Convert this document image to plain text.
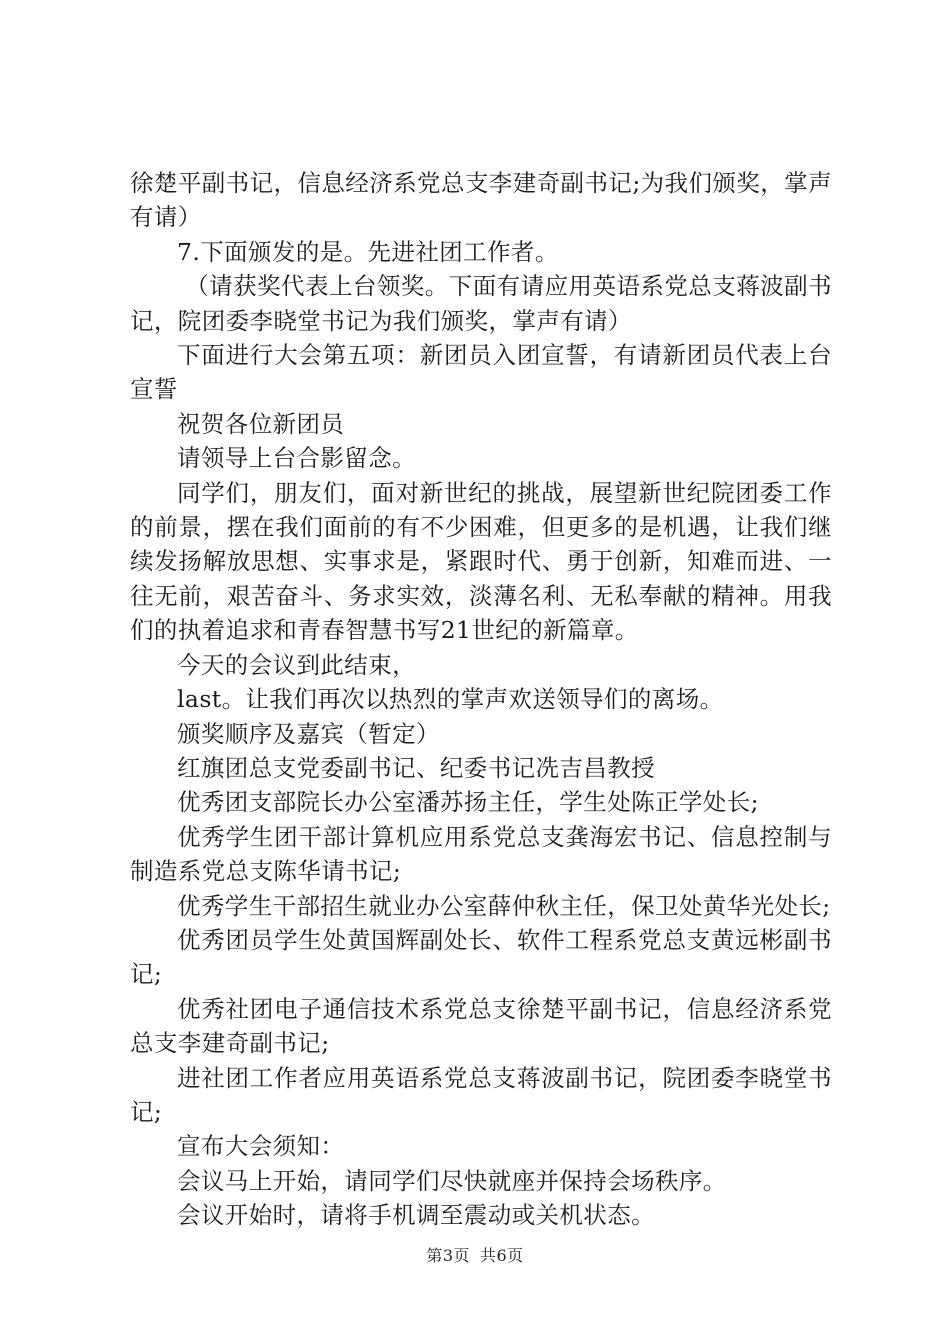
徐楚平副书记，信息经济系党总支李建奇副书记;为我们颁奖，掌声有请）

7.下面颁发的是。先进社团工作者。

（请获奖代表上台领奖。下面有请应用英语系党总支蒋波副书记，院团委李晓堂书记为我们颁奖，掌声有请）

下面进行大会第五项：新团员入团宣誓，有请新团员代表上台宣誓

祝贺各位新团员

请领导上台合影留念。

同学们，朋友们，面对新世纪的挑战，展望新世纪院团委工作的前景，摆在我们面前的有不少困难，但更多的是机遇，让我们继续发扬解放思想、实事求是，紧跟时代、勇于创新，知难而进、一往无前，艰苦奋斗、务求实效，淡薄名利、无私奉献的精神。用我们的执着追求和青春智慧书写21世纪的新篇章。

今天的会议到此结束，

last。让我们再次以热烈的掌声欢送领导们的离场。

颁奖顺序及嘉宾（暂定）

红旗团总支党委副书记、纪委书记冼吉昌教授

优秀团支部院长办公室潘苏扬主任，学生处陈正学处长;

优秀学生团干部计算机应用系党总支龚海宏书记、信息控制与制造系党总支陈华请书记;

优秀学生干部招生就业办公室薛仲秋主任，保卫处黄华光处长;

优秀团员学生处黄国辉副处长、软件工程系党总支黄远彬副书记;

优秀社团电子通信技术系党总支徐楚平副书记，信息经济系党总支李建奇副书记;

进社团工作者应用英语系党总支蒋波副书记，院团委李晓堂书记;

宣布大会须知：

会议马上开始，请同学们尽快就座并保持会场秩序。

会议开始时，请将手机调至震动或关机状态。

第3页 共6页
